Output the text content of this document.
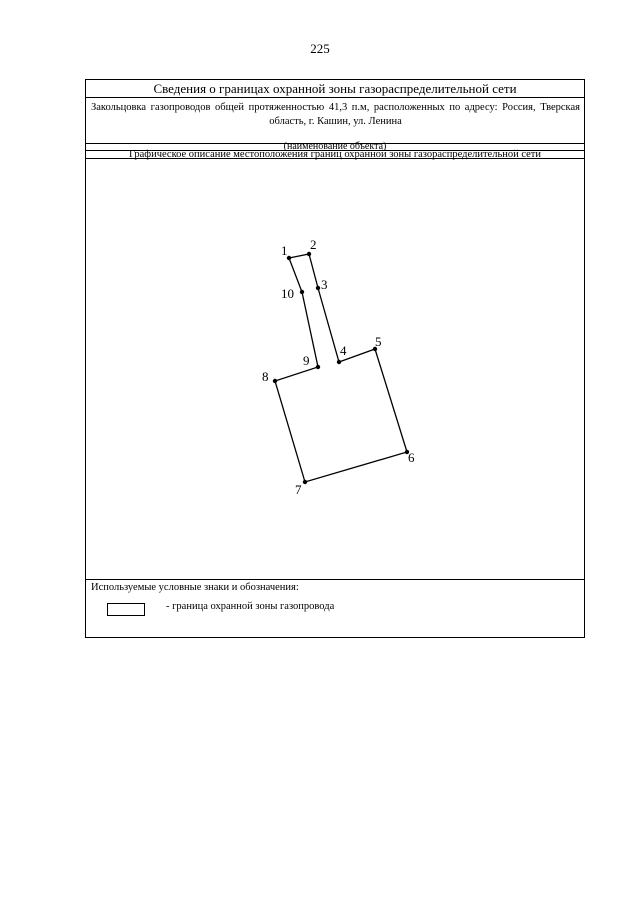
225
Сведения о границах охранной зоны газораспределительной сети
Закольцовка газопроводов общей протяженностью 41,3 п.м, расположенных по адресу: Россия, Тверская область, г. Кашин, ул. Ленина
(наименование объекта)
Графическое описание местоположения границ охранной зоны газораспределительной сети
1 2
3
4
5
6
7
8
9
10
Используемые условные знаки и обозначения:
- граница охранной зоны газопровода
